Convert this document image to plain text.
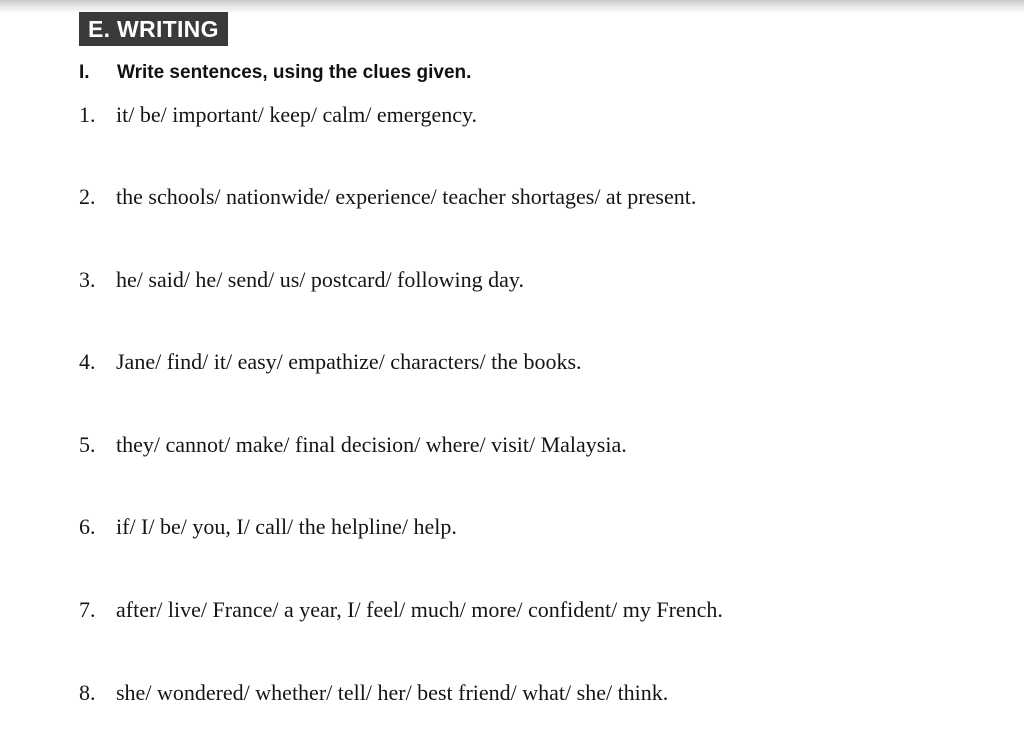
E. WRITING
I. Write sentences, using the clues given.
1. it/ be/ important/ keep/ calm/ emergency.
2. the schools/ nationwide/ experience/ teacher shortages/ at present.
3. he/ said/ he/ send/ us/ postcard/ following day.
4. Jane/ find/ it/ easy/ empathize/ characters/ the books.
5. they/ cannot/ make/ final decision/ where/ visit/ Malaysia.
6. if/ I/ be/ you, I/ call/ the helpline/ help.
7. after/ live/ France/ a year, I/ feel/ much/ more/ confident/ my French.
8. she/ wondered/ whether/ tell/ her/ best friend/ what/ she/ think.
